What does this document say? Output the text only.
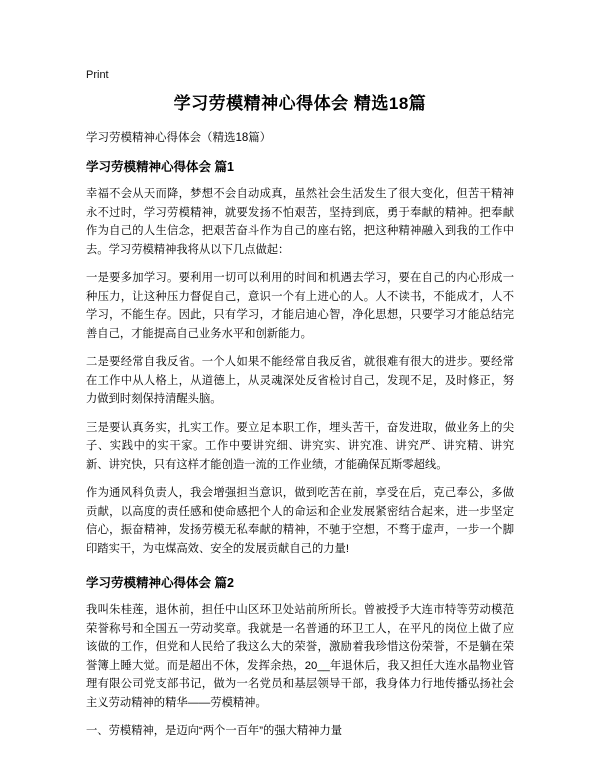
Print
学习劳模精神心得体会 精选18篇

学习劳模精神心得体会（精选18篇）

学习劳模精神心得体会 篇1

幸福不会从天而降，梦想不会自动成真，虽然社会生活发生了很大变化，但苦干精神永不过时，学习劳模精神，就要发扬不怕艰苦，坚持到底，勇于奉献的精神。把奉献作为自己的人生信念，把艰苦奋斗作为自己的座右铭，把这种精神融入到我的工作中去。学习劳模精神我将从以下几点做起：

一是要多加学习。要利用一切可以利用的时间和机遇去学习，要在自己的内心形成一种压力，让这种压力督促自己，意识一个有上进心的人。人不读书，不能成才，人不学习，不能生存。因此，只有学习，才能启迪心智，净化思想，只要学习才能总结完善自己，才能提高自己业务水平和创新能力。

二是要经常自我反省。一个人如果不能经常自我反省，就很难有很大的进步。要经常在工作中从人格上，从道德上，从灵魂深处反省检讨自己，发现不足，及时修正，努力做到时刻保持清醒头脑。

三是要认真务实，扎实工作。要立足本职工作，埋头苦干，奋发进取，做业务上的尖子、实践中的实干家。工作中要讲究细、讲究实、讲究准、讲究严、讲究精、讲究新、讲究快，只有这样才能创造一流的工作业绩，才能确保瓦斯零超线。

作为通风科负责人，我会增强担当意识，做到吃苦在前，享受在后，克己奉公，多做贡献，以高度的责任感和使命感把个人的命运和企业发展紧密结合起来，进一步坚定信心，振奋精神，发扬劳模无私奉献的精神，不驰于空想，不骛于虚声，一步一个脚印踏实干，为屯煤高效、安全的发展贡献自己的力量!

学习劳模精神心得体会 篇2

我叫朱桂莲，退休前，担任中山区环卫处站前所所长。曾被授予大连市特等劳动模范荣誉称号和全国五一劳动奖章。我就是一名普通的环卫工人，在平凡的岗位上做了应该做的工作，但党和人民给了我这么大的荣誉，激励着我珍惜这份荣誉，不是躺在荣誉簿上睡大觉。而是超出不休，发挥余热，20__年退休后，我又担任大连水晶物业管理有限公司党支部书记，做为一名党员和基层领导干部，我身体力行地传播弘扬社会主义劳动精神的精华——劳模精神。

一、劳模精神，是迈向“两个一百年”的强大精神力量
